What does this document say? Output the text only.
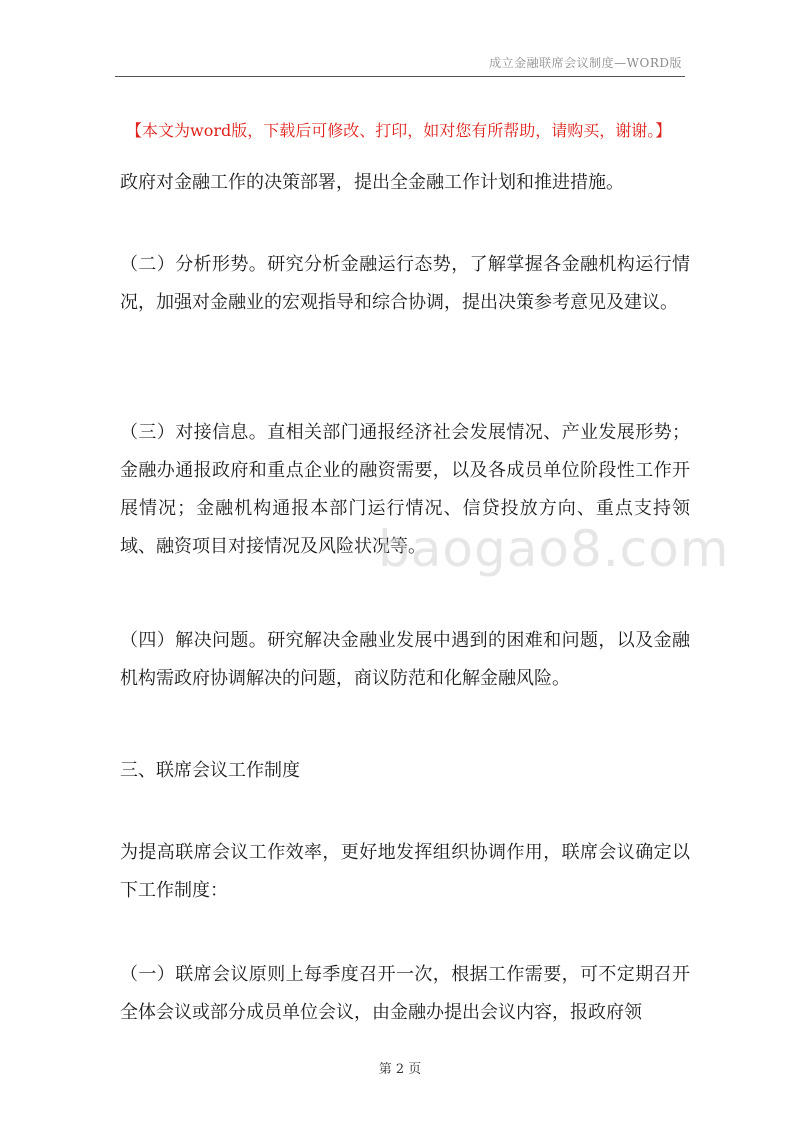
成立金融联席会议制度—WORD版
【本文为word版，下载后可修改、打印，如对您有所帮助，请购买，谢谢。】

政府对金融工作的决策部署，提出全金融工作计划和推进措施。

（二）分析形势。研究分析金融运行态势，了解掌握各金融机构运行情况，加强对金融业的宏观指导和综合协调，提出决策参考意见及建议。

（三）对接信息。直相关部门通报经济社会发展情况、产业发展形势；金融办通报政府和重点企业的融资需要，以及各成员单位阶段性工作开展情况；金融机构通报本部门运行情况、信贷投放方向、重点支持领域、融资项目对接情况及风险状况等。

（四）解决问题。研究解决金融业发展中遇到的困难和问题，以及金融机构需政府协调解决的问题，商议防范和化解金融风险。

三、联席会议工作制度

为提高联席会议工作效率，更好地发挥组织协调作用，联席会议确定以下工作制度：

（一）联席会议原则上每季度召开一次，根据工作需要，可不定期召开全体会议或部分成员单位会议，由金融办提出会议内容，报政府领

baogao8.com
第 2 页
